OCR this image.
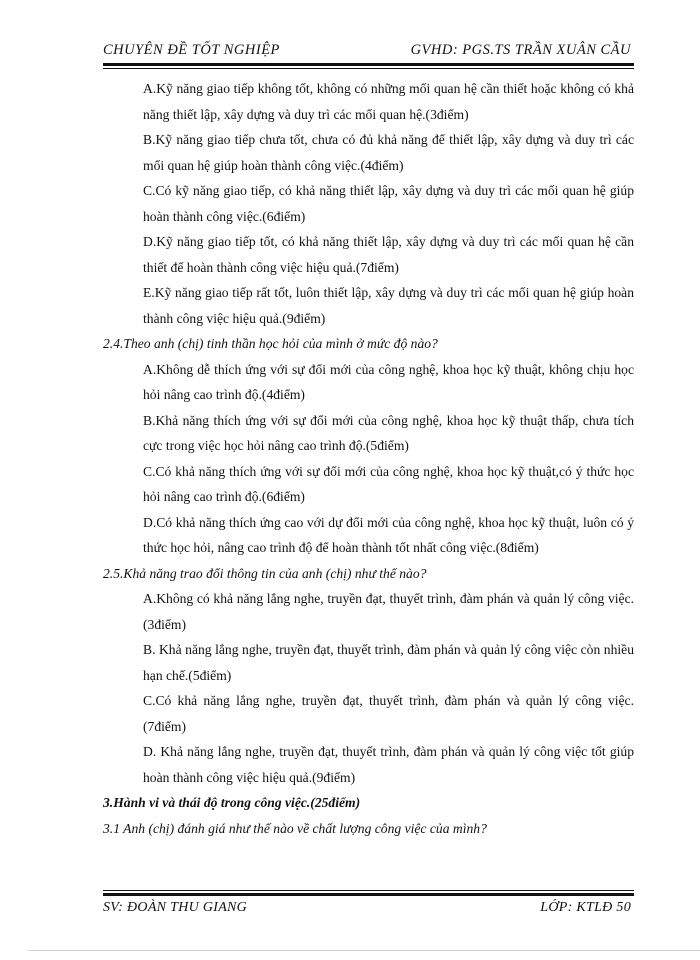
CHUYÊN ĐỀ TỐT NGHIỆP	GVHD: PGS.TS TRẦN XUÂN CẦU
A.Kỹ năng giao tiếp không tốt, không có những mối quan hệ cần thiết hoặc không có khả năng thiết lập, xây dựng và duy trì các mối quan hệ.(3điểm)
B.Kỹ năng giao tiếp chưa tốt, chưa có đủ khả năng để thiết lập, xây dựng và duy trì các mối quan hệ giúp hoàn thành công việc.(4điểm)
C.Có kỹ năng giao tiếp, có khả năng thiết lập, xây dựng và duy trì các mối quan hệ giúp hoàn thành công việc.(6điểm)
D.Kỹ năng giao tiếp tốt, có khả năng thiết lập, xây dựng và duy trì các mối quan hệ cần thiết để hoàn thành công việc hiệu quả.(7điểm)
E.Kỹ năng giao tiếp rất tốt, luôn thiết lập, xây dựng và duy trì các mối quan hệ giúp hoàn thành công việc hiệu quả.(9điểm)
2.4.Theo anh (chị) tinh thần học hỏi của mình ở mức độ nào?
A.Không dễ thích ứng với sự đổi mới của công nghệ, khoa học kỹ thuật, không chịu học hỏi nâng cao trình độ.(4điểm)
B.Khả năng thích ứng với sự đổi mới của công nghệ, khoa học kỹ thuật thấp, chưa tích cực trong việc học hỏi nâng cao trình độ.(5điểm)
C.Có khả năng thích ứng với sự đổi mới của công nghệ, khoa học kỹ thuật,có ý thức học hỏi nâng cao trình độ.(6điểm)
D.Có khả năng thích ứng cao với dự đổi mới của công nghệ, khoa học kỹ thuật, luôn có ý thức học hỏi, nâng cao trình độ để hoàn thành tốt nhất công việc.(8điểm)
2.5.Khả năng trao đổi thông tin của anh (chị) như thế nào?
A.Không có khả năng lắng nghe, truyền đạt, thuyết trình, đàm phán và quản lý công việc.(3điểm)
B. Khả năng lắng nghe, truyền đạt, thuyết trình, đàm phán và quản lý công việc còn nhiều hạn chế.(5điểm)
C.Có khả năng lắng nghe, truyền đạt, thuyết trình, đàm phán và quản lý công việc.(7điểm)
D. Khả năng lắng nghe, truyền đạt, thuyết trình, đàm phán và quản lý công việc tốt giúp hoàn thành công việc hiệu quả.(9điểm)
3.Hành vi và thái độ trong công việc.(25điểm)
3.1 Anh (chị) đánh giá như thế nào về chất lượng công việc của mình?
SV: ĐOÀN THU GIANG	LỚP: KTLĐ 50
